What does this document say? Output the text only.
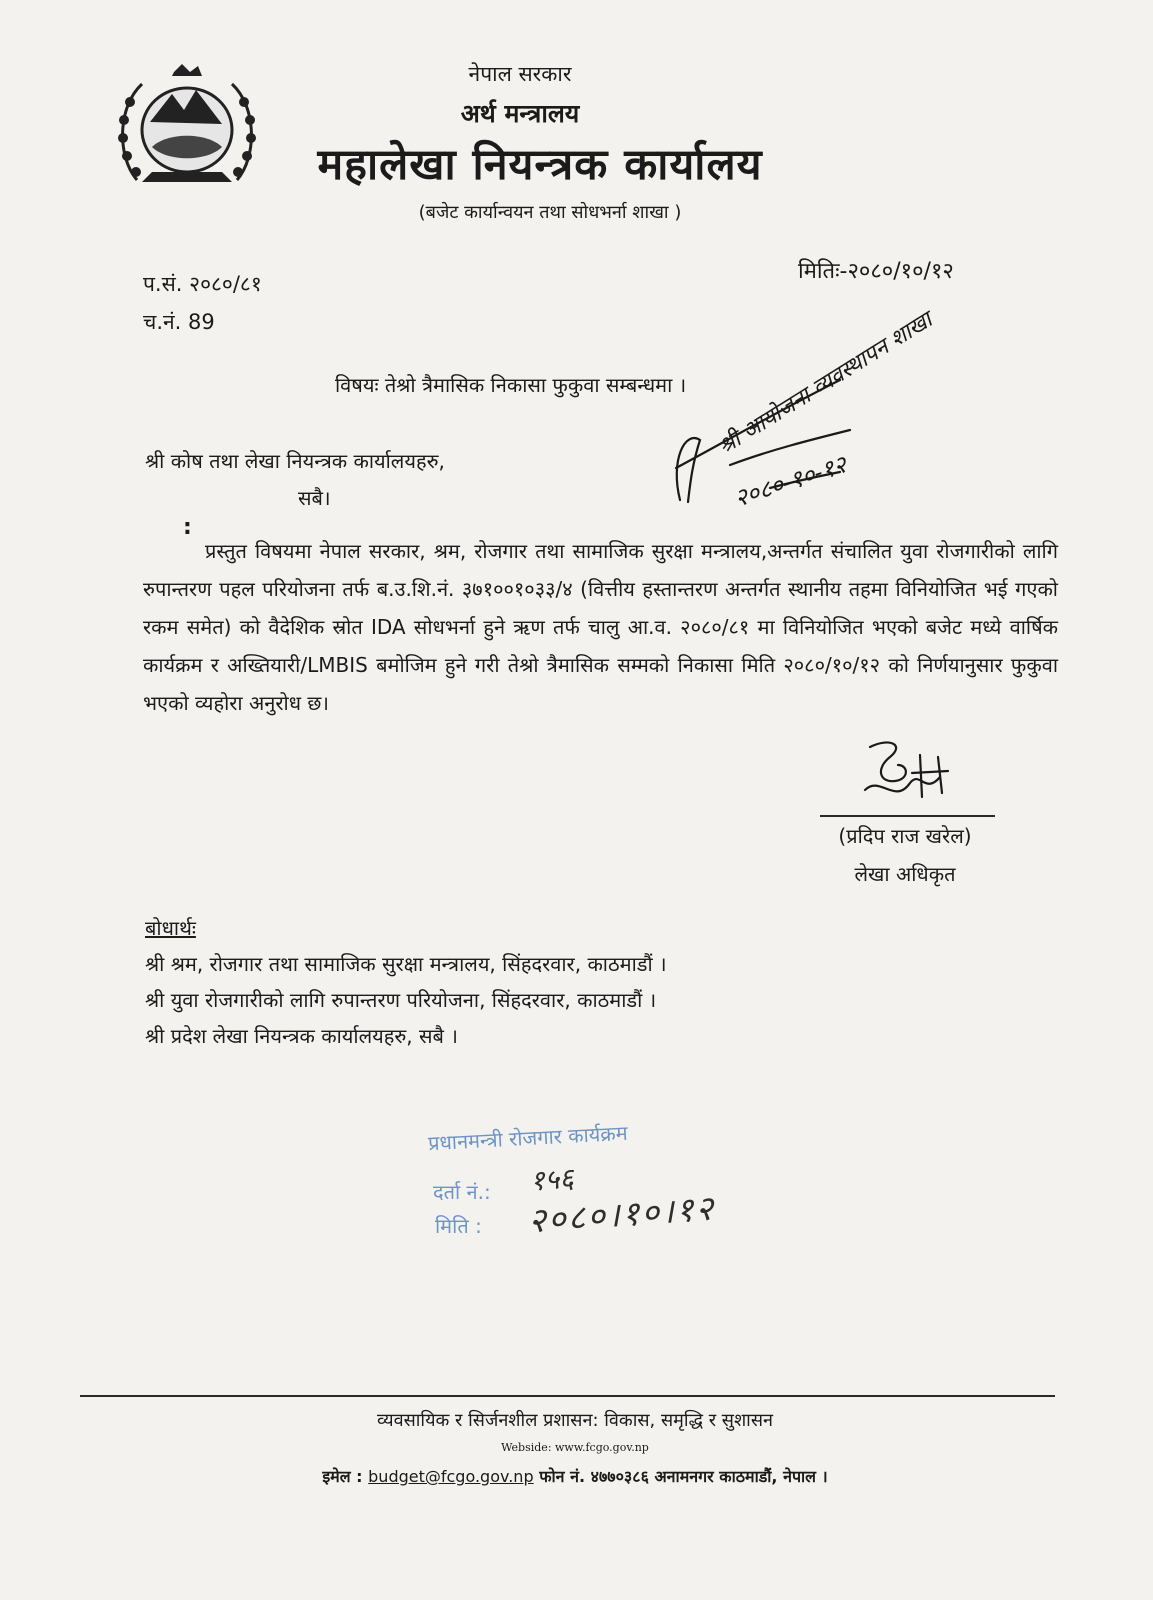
नेपाल सरकार
अर्थ मन्त्रालय
महालेखा नियन्त्रक कार्यालय
(बजेट कार्यान्वयन तथा सोधभर्ना शाखा )
प.सं. २०८०/८१
च.नं. 89
मितिः-२०८०/१०/१२
विषयः तेश्रो त्रैमासिक निकासा फुकुवा सम्बन्धमा । श्री आयोजना व्यवस्थापन शाखा
२०८०-१०-१२
श्री कोष तथा लेखा नियन्त्रक कार्यालयहरु,
सबै।
:
प्रस्तुत विषयमा नेपाल सरकार, श्रम, रोजगार तथा सामाजिक सुरक्षा मन्त्रालय,अन्तर्गत संचालित युवा रोजगारीको लागि रुपान्तरण पहल परियोजना तर्फ ब.उ.शि.नं. ३७१००१०३३/४ (वित्तीय हस्तान्तरण अन्तर्गत स्थानीय तहमा विनियोजित भई गएको रकम समेत) को वैदेशिक स्रोत IDA सोधभर्ना हुने ऋण तर्फ चालु आ.व. २०८०/८१ मा विनियोजित भएको बजेट मध्ये वार्षिक कार्यक्रम र अख्तियारी/LMBIS बमोजिम हुने गरी तेश्रो त्रैमासिक सम्मको निकासा मिति २०८०/१०/१२ को निर्णयानुसार फुकुवा भएको व्यहोरा अनुरोध छ।
(प्रदिप राज खरेल)
लेखा अधिकृत
बोधार्थः
श्री श्रम, रोजगार तथा सामाजिक सुरक्षा मन्त्रालय, सिंहदरवार, काठमाडौं ।
श्री युवा रोजगारीको लागि रुपान्तरण परियोजना, सिंहदरवार, काठमाडौं ।
श्री प्रदेश लेखा नियन्त्रक कार्यालयहरु, सबै ।
प्रधानमन्त्री रोजगार कार्यक्रम
दर्ता नं.:
मिति :
१५६
२०८०।१०।१२
व्यवसायिक र सिर्जनशील प्रशासन: विकास, समृद्धि र सुशासन
Webside: www.fcgo.gov.np
इमेल : budget@fcgo.gov.np फोन नं. ४७७०३८६ अनामनगर काठमाडौं, नेपाल ।
